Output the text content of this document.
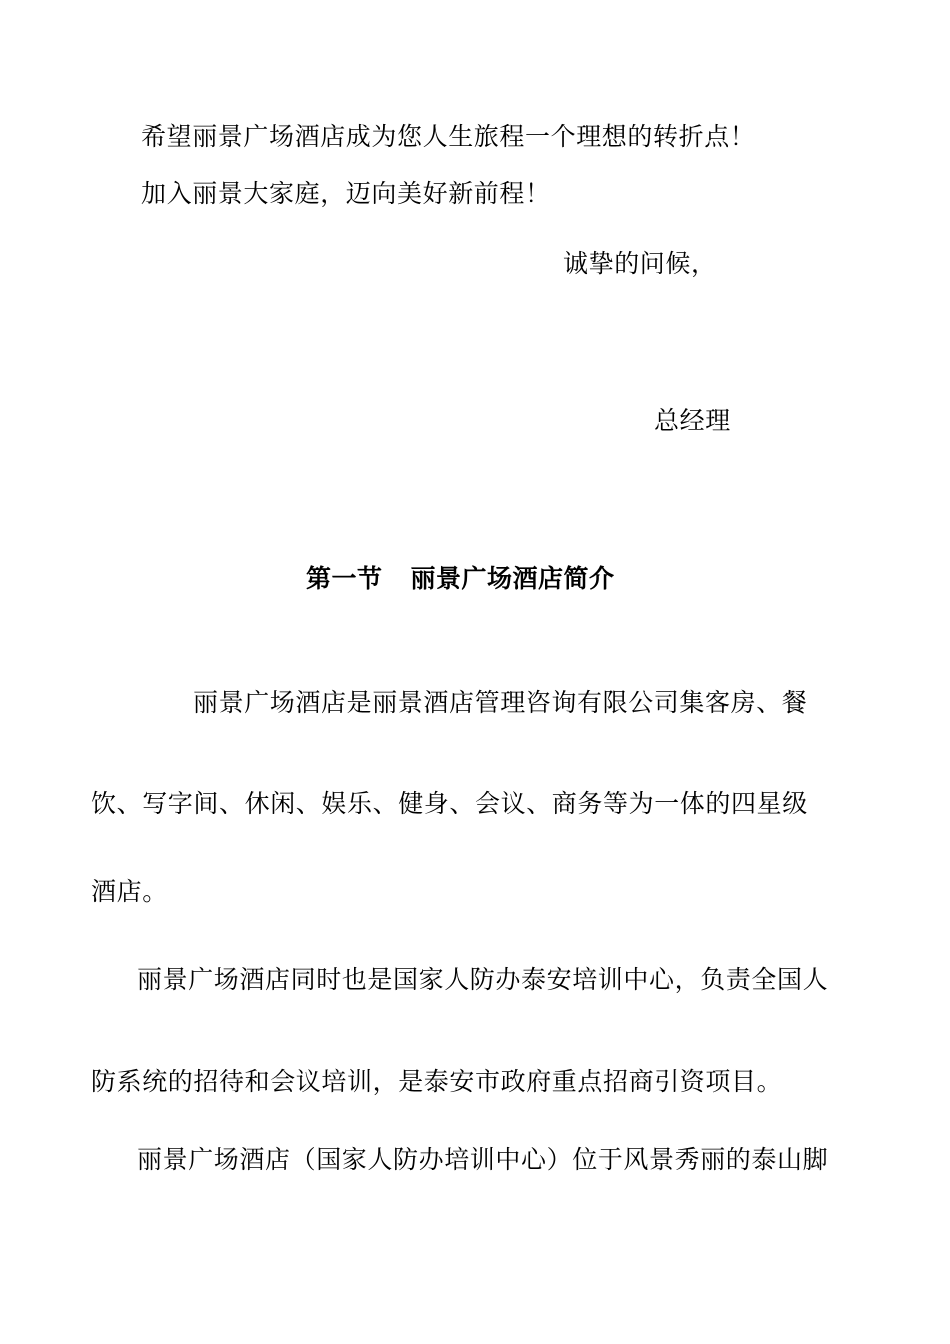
希望丽景广场酒店成为您人生旅程一个理想的转折点！
加入丽景大家庭，迈向美好新前程！
诚挚的问候，
总经理
第一节 丽景广场酒店简介
丽景广场酒店是丽景酒店管理咨询有限公司集客房、餐
饮、写字间、休闲、娱乐、健身、会议、商务等为一体的四星级
酒店。
丽景广场酒店同时也是国家人防办泰安培训中心，负责全国人
防系统的招待和会议培训，是泰安市政府重点招商引资项目。
丽景广场酒店（国家人防办培训中心）位于风景秀丽的泰山脚
